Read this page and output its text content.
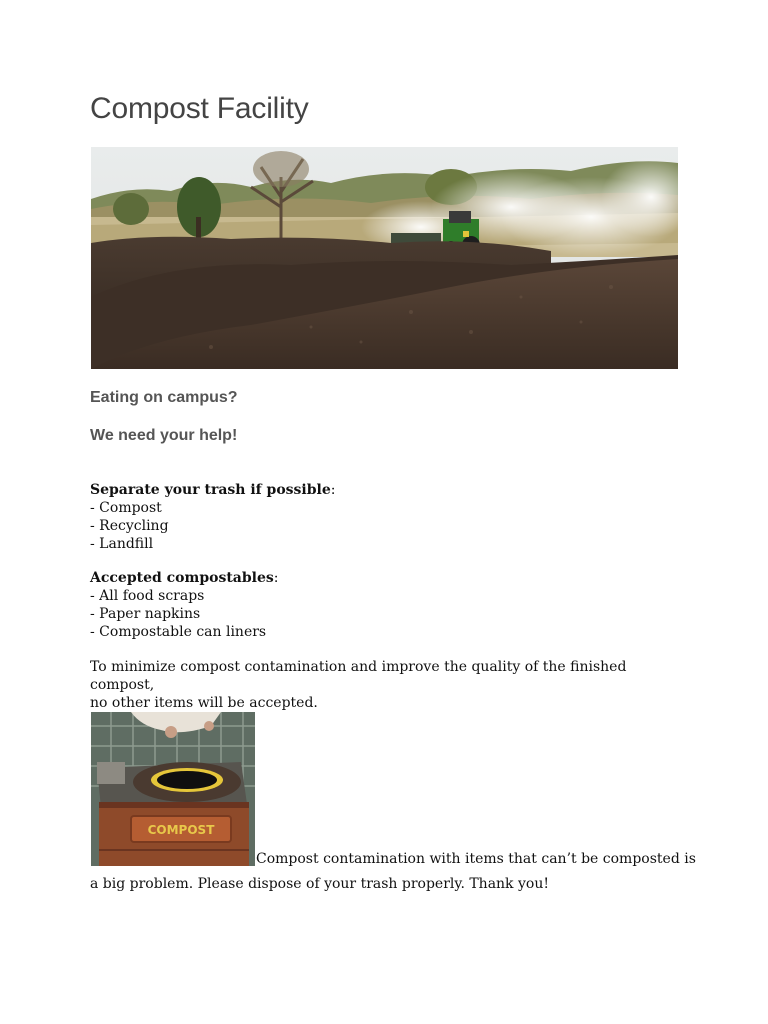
Compost Facility
Eating on campus?
We need your help!
Separate your trash if possible:
- Compost
- Recycling
- Landfill
Accepted compostables:
- All food scraps
- Paper napkins
- Compostable can liners

To minimize compost contamination and improve the quality of the finished compost,
no other items will be accepted.

COMPOST
Compost contamination with items that can’t be composted is
a big problem. Please dispose of your trash properly. Thank you!
